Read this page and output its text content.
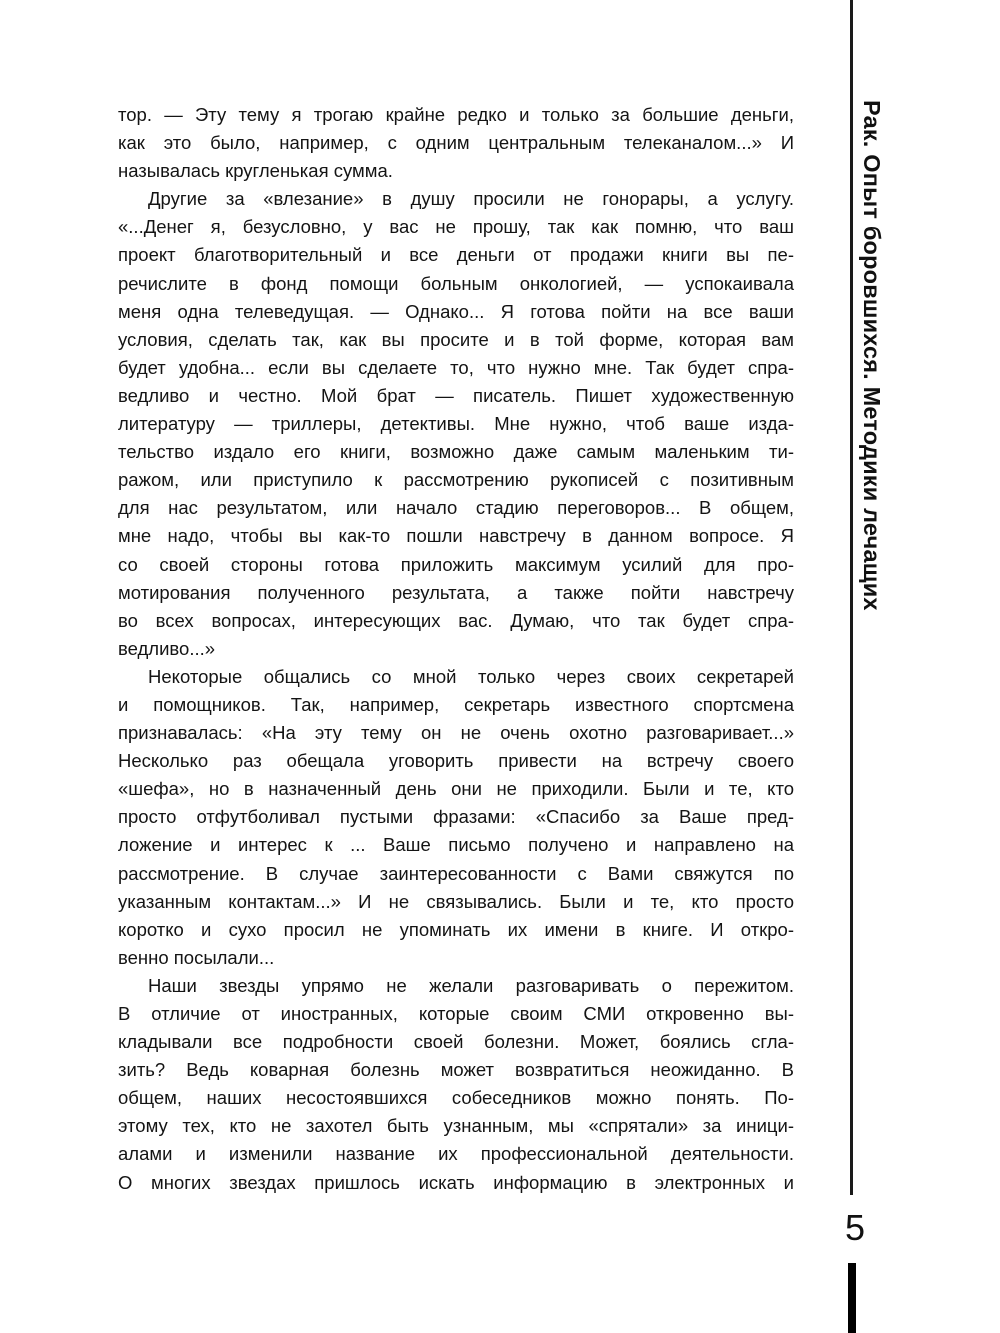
тор. — Эту тему я трогаю крайне редко и только за большие деньги,
как это было, например, с одним центральным телеканалом...» И
называлась кругленькая сумма.
Другие за «влезание» в душу просили не гонорары, а услугу.
«...Денег я, безусловно, у вас не прошу, так как помню, что ваш
проект благотворительный и все деньги от продажи книги вы пе-
речислите в фонд помощи больным онкологией, — успокаивала
меня одна телеведущая. — Однако... Я готова пойти на все ваши
условия, сделать так, как вы просите и в той форме, которая вам
будет удобна... если вы сделаете то, что нужно мне. Так будет спра-
ведливо и честно. Мой брат — писатель. Пишет художественную
литературу — триллеры, детективы. Мне нужно, чтоб ваше изда-
тельство издало его книги, возможно даже самым маленьким ти-
ражом, или приступило к рассмотрению рукописей с позитивным
для нас результатом, или начало стадию переговоров... В общем,
мне надо, чтобы вы как-то пошли навстречу в данном вопросе. Я
со своей стороны готова приложить максимум усилий для про-
мотирования полученного результата, а также пойти навстречу
во всех вопросах, интересующих вас. Думаю, что так будет спра-
ведливо...»
Некоторые общались со мной только через своих секретарей
и помощников. Так, например, секретарь известного спортсмена
признавалась: «На эту тему он не очень охотно разговаривает...»
Несколько раз обещала уговорить привести на встречу своего
«шефа», но в назначенный день они не приходили. Были и те, кто
просто отфутболивал пустыми фразами: «Спасибо за Ваше пред-
ложение и интерес к ... Ваше письмо получено и направлено на
рассмотрение. В случае заинтересованности с Вами свяжутся по
указанным контактам...» И не связывались. Были и те, кто просто
коротко и сухо просил не упоминать их имени в книге. И откро-
венно посылали...
Наши звезды упрямо не желали разговаривать о пережитом.
В отличие от иностранных, которые своим СМИ откровенно вы-
кладывали все подробности своей болезни. Может, боялись сгла-
зить? Ведь коварная болезнь может возвратиться неожиданно. В
общем, наших несостоявшихся собеседников можно понять. По-
этому тех, кто не захотел быть узнанным, мы «спрятали» за иници-
алами и изменили название их профессиональной деятельности.
О многих звездах пришлось искать информацию в электронных и
Рак. Опыт боровшихся. Методики лечащих
5
